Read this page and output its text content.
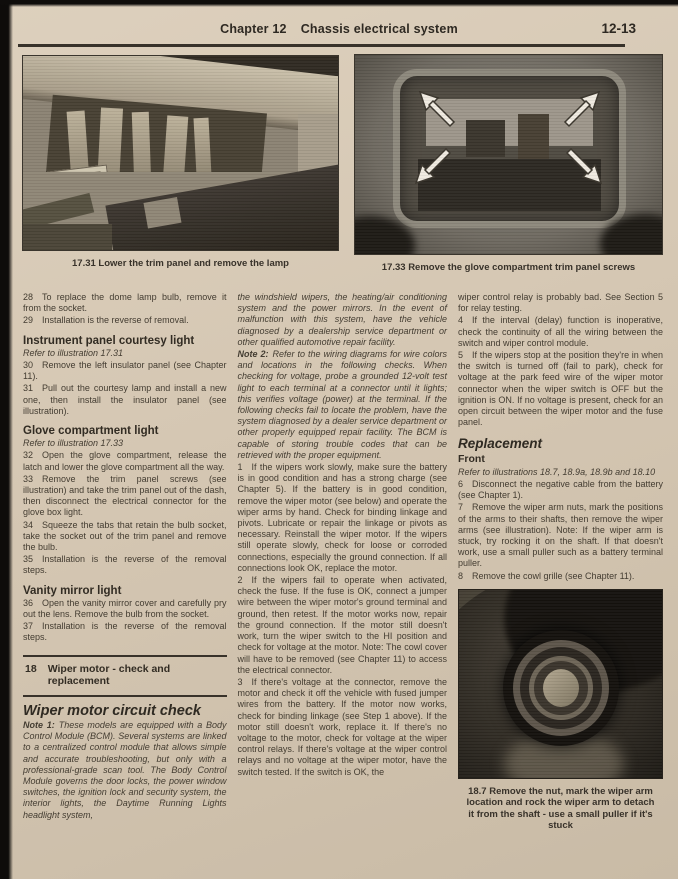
Chapter 12 Chassis electrical system	12-13
17.31 Lower the trim panel and remove the lamp	17.33 Remove the glove compartment trim panel screws

28 To replace the dome lamp bulb, remove it from the socket.

29 Installation is the reverse of removal.

Instrument panel courtesy light

Refer to illustration 17.31

30 Remove the left insulator panel (see Chapter 11).

31 Pull out the courtesy lamp and install a new one, then install the insulator panel (see illustration).

Glove compartment light

Refer to illustration 17.33

32 Open the glove compartment, release the latch and lower the glove compartment all the way.

33 Remove the trim panel screws (see illustration) and take the trim panel out of the dash, then disconnect the electrical connector for the glove box light.

34 Squeeze the tabs that retain the bulb socket, take the socket out of the trim panel and remove the bulb.

35 Installation is the reverse of the removal steps.

Vanity mirror light

36 Open the vanity mirror cover and carefully pry out the lens. Remove the bulb from the socket.

37 Installation is the reverse of the removal steps.

18 Wiper motor - check and replacement
Wiper motor circuit check

Note 1: These models are equipped with a Body Control Module (BCM). Several systems are linked to a centralized control module that allows simple and accurate troubleshooting, but only with a professional-grade scan tool. The Body Control Module governs the door locks, the power window switches, the ignition lock and security system, the interior lights, the Daytime Running Lights headlight system,

the windshield wipers, the heating/air conditioning system and the power mirrors. In the event of malfunction with this system, have the vehicle diagnosed by a dealership service department or other qualified automotive repair facility.

Note 2: Refer to the wiring diagrams for wire colors and locations in the following checks. When checking for voltage, probe a grounded 12-volt test light to each terminal at a connector until it lights; this verifies voltage (power) at the terminal. If the following checks fail to locate the problem, have the system diagnosed by a dealer service department or other properly equipped repair facility. The BCM is capable of storing trouble codes that can be retrieved with the proper equipment.

1 If the wipers work slowly, make sure the battery is in good condition and has a strong charge (see Chapter 5). If the battery is in good condition, remove the wiper motor (see below) and operate the wiper arms by hand. Check for binding linkage and pivots. Lubricate or repair the linkage or pivots as necessary. Reinstall the wiper motor. If the wipers still operate slowly, check for loose or corroded connections, especially the ground connection. If all connections look OK, replace the motor.

2 If the wipers fail to operate when activated, check the fuse. If the fuse is OK, connect a jumper wire between the wiper motor's ground terminal and ground, then retest. If the motor works now, repair the ground connection. If the motor still doesn't work, turn the wiper switch to the HI position and check for voltage at the motor. Note: The cowl cover will have to be removed (see Chapter 11) to access the electrical connector.

3 If there's voltage at the connector, remove the motor and check it off the vehicle with fused jumper wires from the battery. If the motor now works, check for binding linkage (see Step 1 above). If the motor still doesn't work, replace it. If there's no voltage to the motor, check for voltage at the wiper control relays. If there's voltage at the wiper control relays and no voltage at the wiper motor, have the switch tested. If the switch is OK, the

wiper control relay is probably bad. See Section 5 for relay testing.

4 If the interval (delay) function is inoperative, check the continuity of all the wiring between the switch and wiper control module.

5 If the wipers stop at the position they're in when the switch is turned off (fail to park), check for voltage at the park feed wire of the wiper motor connector when the wiper switch is OFF but the ignition is ON. If no voltage is present, check for an open circuit between the wiper motor and the fuse panel.

Replacement
Front

Refer to illustrations 18.7, 18.9a, 18.9b and 18.10

6 Disconnect the negative cable from the battery (see Chapter 1).

7 Remove the wiper arm nuts, mark the positions of the arms to their shafts, then remove the wiper arms (see illustration). Note: If the wiper arm is stuck, try rocking it on the shaft. If that doesn't work, use a small puller such as a battery terminal puller.

8 Remove the cowl grille (see Chapter 11).

18.7 Remove the nut, mark the wiper arm location and rock the wiper arm to detach it from the shaft - use a small puller if it's stuck
